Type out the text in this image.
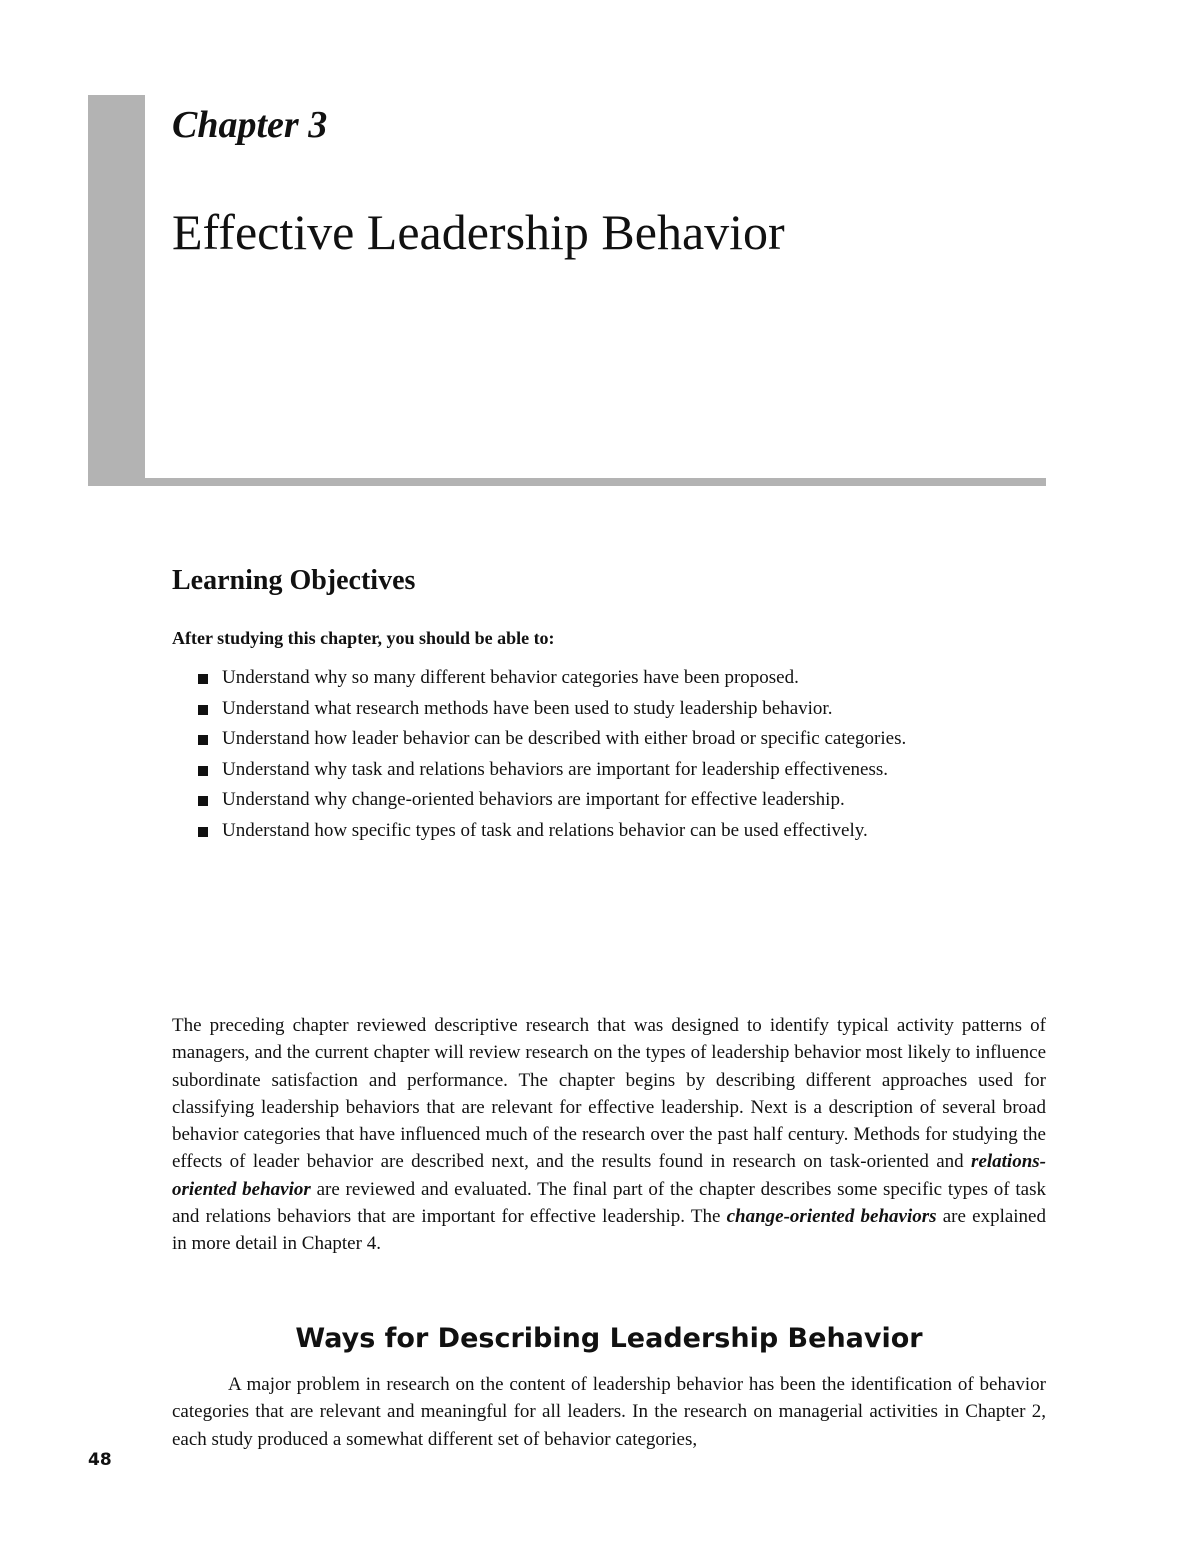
Chapter 3
Effective Leadership Behavior
Learning Objectives

After studying this chapter, you should be able to:

Understand why so many different behavior categories have been proposed.
Understand what research methods have been used to study leadership behavior.
Understand how leader behavior can be described with either broad or specific categories.
Understand why task and relations behaviors are important for leadership effectiveness.
Understand why change-oriented behaviors are important for effective leadership.
Understand how specific types of task and relations behavior can be used effectively.

The preceding chapter reviewed descriptive research that was designed to identify typical activity patterns of managers, and the current chapter will review research on the types of leadership behavior most likely to influence subordinate satisfaction and performance. The chapter begins by describing different approaches used for classifying leadership behaviors that are relevant for effective leadership. Next is a description of several broad behavior categories that have influenced much of the research over the past half century. Methods for studying the effects of leader behavior are described next, and the results found in research on task-oriented and relations-oriented behavior are reviewed and evaluated. The final part of the chapter describes some specific types of task and relations behaviors that are important for effective leadership. The change-oriented behaviors are explained in more detail in Chapter 4.

Ways for Describing Leadership Behavior

A major problem in research on the content of leadership behavior has been the identification of behavior categories that are relevant and meaningful for all leaders. In the research on managerial activities in Chapter 2, each study produced a somewhat different set of behavior categories,

48
